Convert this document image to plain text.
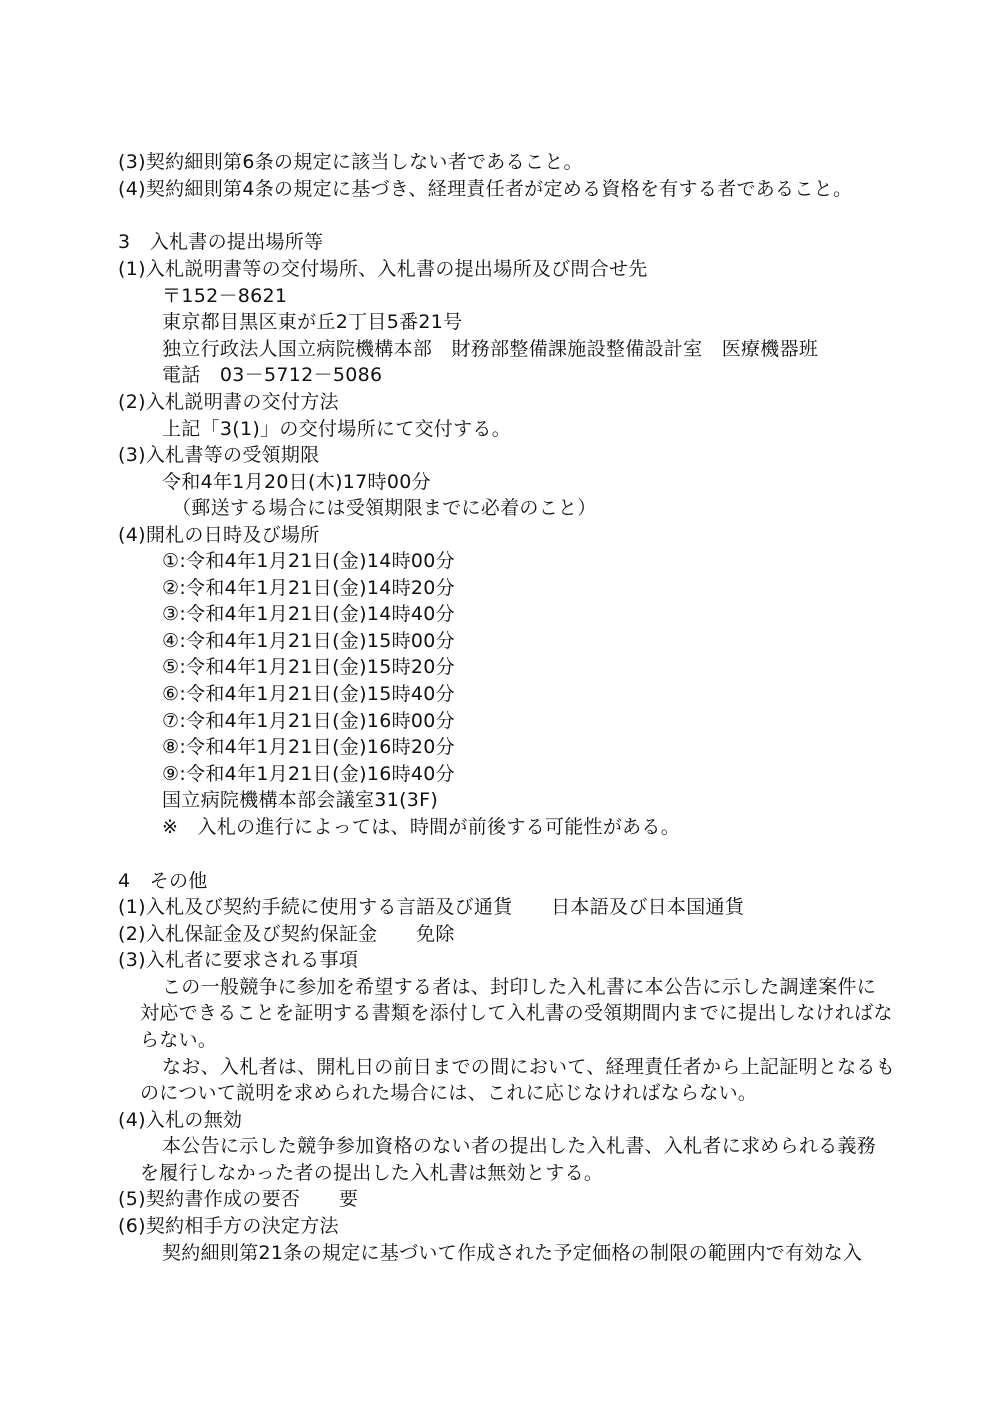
(3)契約細則第6条の規定に該当しない者であること。
(4)契約細則第4条の規定に基づき、経理責任者が定める資格を有する者であること。
3　入札書の提出場所等
(1)入札説明書等の交付場所、入札書の提出場所及び問合せ先
〒152－8621
東京都目黒区東が丘2丁目5番21号
独立行政法人国立病院機構本部　財務部整備課施設整備設計室　医療機器班
電話　03－5712－5086
(2)入札説明書の交付方法
上記「3(1)」の交付場所にて交付する。
(3)入札書等の受領期限
令和4年1月20日(木)17時00分
（郵送する場合には受領期限までに必着のこと）
(4)開札の日時及び場所
①:令和4年1月21日(金)14時00分
②:令和4年1月21日(金)14時20分
③:令和4年1月21日(金)14時40分
④:令和4年1月21日(金)15時00分
⑤:令和4年1月21日(金)15時20分
⑥:令和4年1月21日(金)15時40分
⑦:令和4年1月21日(金)16時00分
⑧:令和4年1月21日(金)16時20分
⑨:令和4年1月21日(金)16時40分
国立病院機構本部会議室31(3F)
※　入札の進行によっては、時間が前後する可能性がある。
4　その他
(1)入札及び契約手続に使用する言語及び通貨　　日本語及び日本国通貨
(2)入札保証金及び契約保証金　　免除
(3)入札者に要求される事項
この一般競争に参加を希望する者は、封印した入札書に本公告に示した調達案件に
対応できることを証明する書類を添付して入札書の受領期間内までに提出しなければな
らない。
なお、入札者は、開札日の前日までの間において、経理責任者から上記証明となるも
のについて説明を求められた場合には、これに応じなければならない。
(4)入札の無効
本公告に示した競争参加資格のない者の提出した入札書、入札者に求められる義務
を履行しなかった者の提出した入札書は無効とする。
(5)契約書作成の要否　　要
(6)契約相手方の決定方法
契約細則第21条の規定に基づいて作成された予定価格の制限の範囲内で有効な入
